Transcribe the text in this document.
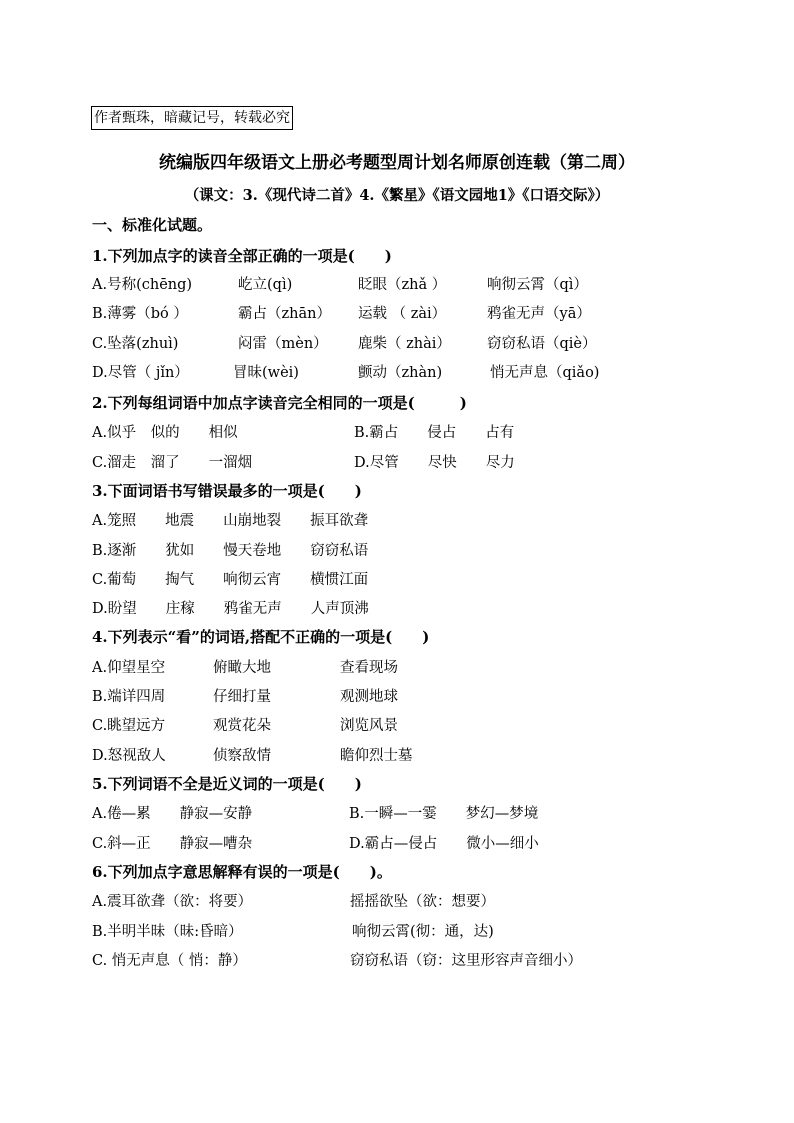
作者甄珠，暗藏记号，转载必究
统编版四年级语文上册必考题型周计划名师原创连载（第二周）
（课文：3.《现代诗二首》4.《繁星》《语文园地1》《口语交际》）
一、标准化试题。
1.下列加点字的读音全部正确的一项是(　　)
A.号称(chēng)	屹立(qì)	眨眼（zhǎ ）	响彻云霄（qì）
B.薄雾（bó ）	霸占（zhān） 运载 （ zài）	鸦雀无声（yā）
C.坠落(zhuì)	闷雷（mèn） 鹿柴（ zhài） 窃窃私语（qiè）
D.尽管（ jǐn）	冒昧(wèi)	颤动（zhàn)	悄无声息（qiǎo)
2.下列每组词语中加点字读音完全相同的一项是(　　　)
A.似乎　似的　　相似	B.霸占　　侵占　　占有
C.溜走　溜了　　一溜烟	D.尽管　　尽快　　尽力
3.下面词语书写错误最多的一项是(　　)
A.笼照　　地震　　山崩地裂　　振耳欲聋
B.逐渐　　犹如　　慢天卷地　　窃窃私语
C.葡萄　　掏气　　响彻云宵　　横惯江面
D.盼望　　庄稼　　鸦雀无声　　人声顶沸
4.下列表示“看”的词语,搭配不正确的一项是(　　)
A.仰望星空	俯瞰大地	查看现场
B.端详四周	仔细打量	观测地球
C.眺望远方	观赏花朵	浏览风景
D.怒视敌人	侦察敌情	瞻仰烈士墓
5.下列词语不全是近义词的一项是(　　)
A.倦—累　　静寂—安静	B.一瞬—一霎　　梦幻—梦境
C.斜—正　　静寂—嘈杂	D.霸占—侵占　　微小—细小
6.下列加点字意思解释有误的一项是(　　)。
A.震耳欲聋（欲：将要）	摇摇欲坠（欲：想要）
B.半明半昧（昧:昏暗）	响彻云霄(彻：通，达)
C. 悄无声息（ 悄：静）	窃窃私语（窃：这里形容声音细小）
